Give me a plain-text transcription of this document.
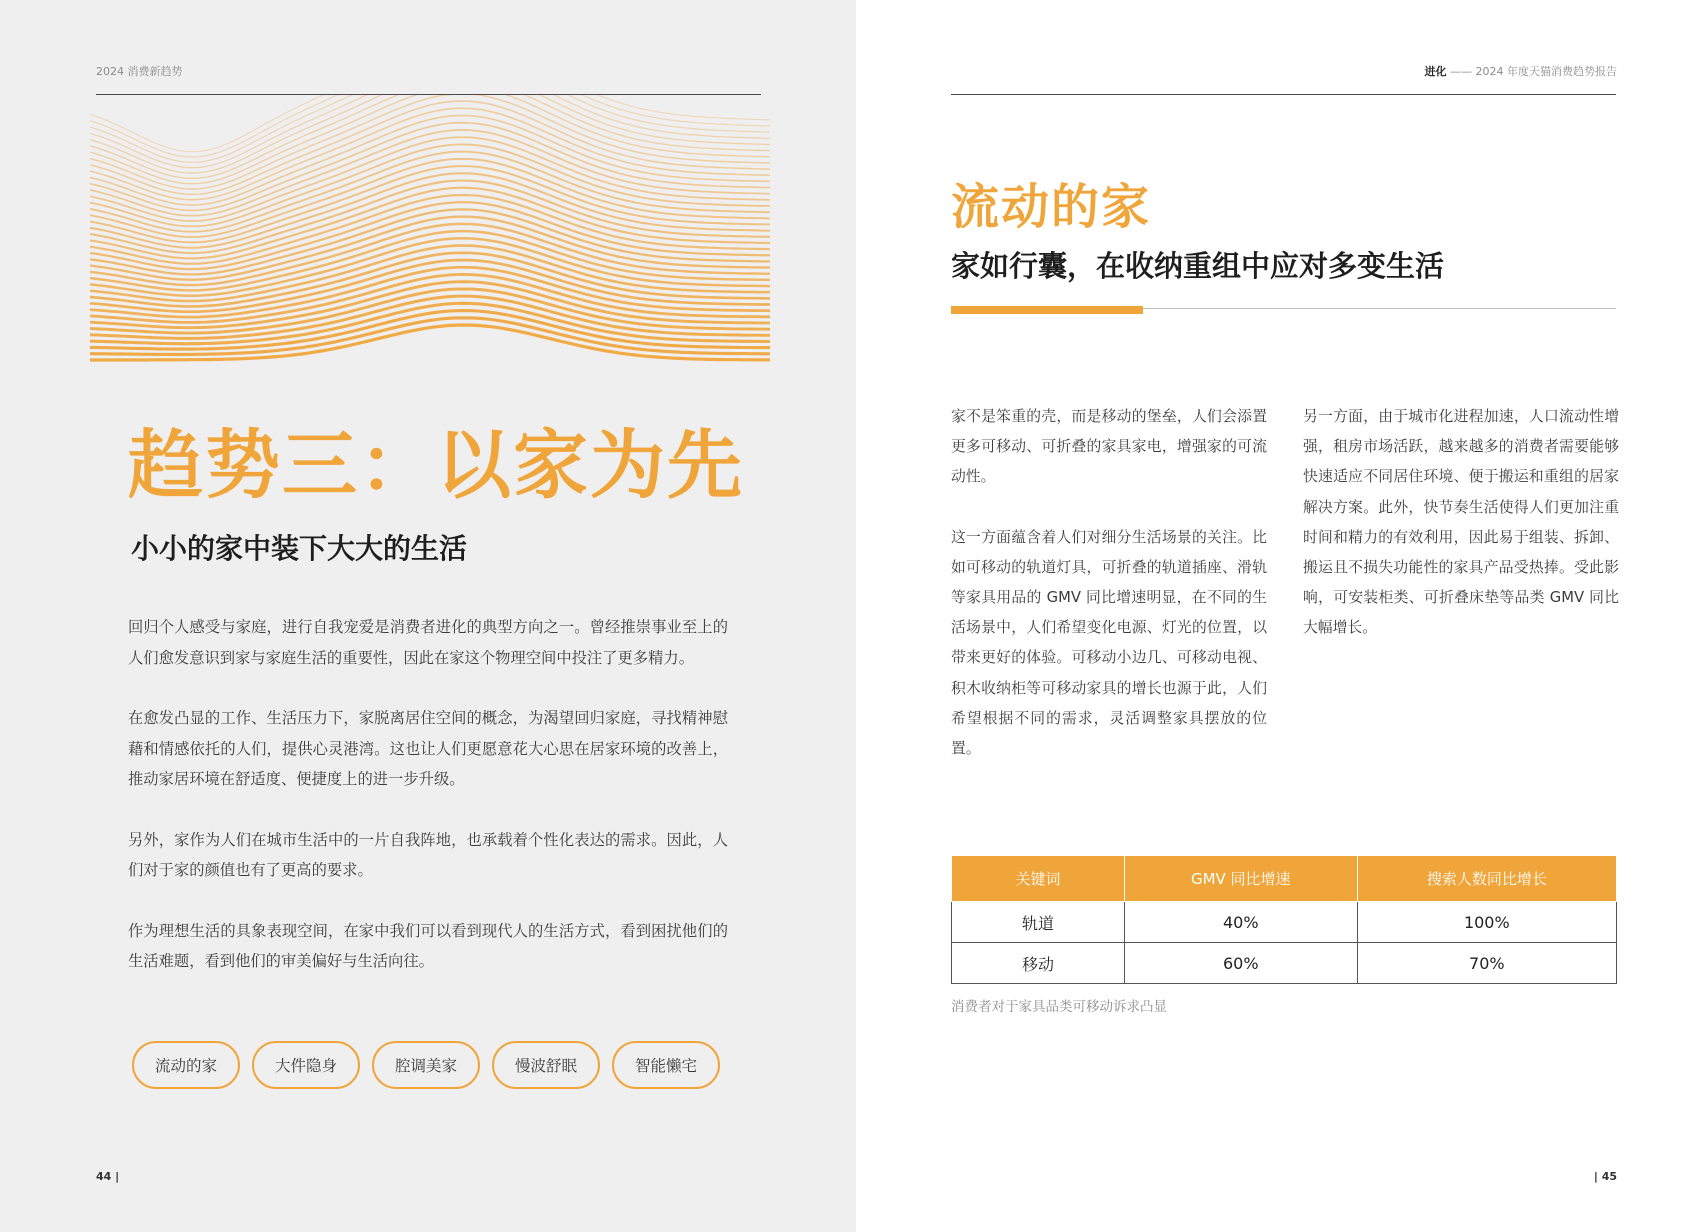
2024 消费新趋势
趋势三：以家为先
小小的家中装下大大的生活

回归个人感受与家庭，进行自我宠爱是消费者进化的典型方向之一。曾经推崇事业至上的人们愈发意识到家与家庭生活的重要性，因此在家这个物理空间中投注了更多精力。

在愈发凸显的工作、生活压力下，家脱离居住空间的概念，为渴望回归家庭，寻找精神慰藉和情感依托的人们，提供心灵港湾。这也让人们更愿意花大心思在居家环境的改善上，推动家居环境在舒适度、便捷度上的进一步升级。

另外，家作为人们在城市生活中的一片自我阵地，也承载着个性化表达的需求。因此，人们对于家的颜值也有了更高的要求。

作为理想生活的具象表现空间，在家中我们可以看到现代人的生活方式，看到困扰他们的生活难题，看到他们的审美偏好与生活向往。

流动的家	大件隐身	腔调美家	慢波舒眠	智能懒宅
44 |
进化 —— 2024 年度天猫消费趋势报告
流动的家
家如行囊，在收纳重组中应对多变生活

家不是笨重的壳，而是移动的堡垒，人们会添置更多可移动、可折叠的家具家电，增强家的可流动性。

这一方面蕴含着人们对细分生活场景的关注。比如可移动的轨道灯具，可折叠的轨道插座、滑轨等家具用品的 GMV 同比增速明显，在不同的生活场景中，人们希望变化电源、灯光的位置，以带来更好的体验。可移动小边几、可移动电视、积木收纳柜等可移动家具的增长也源于此，人们希望根据不同的需求，灵活调整家具摆放的位置。

另一方面，由于城市化进程加速，人口流动性增强，租房市场活跃，越来越多的消费者需要能够快速适应不同居住环境、便于搬运和重组的居家解决方案。此外，快节奏生活使得人们更加注重时间和精力的有效利用，因此易于组装、拆卸、搬运且不损失功能性的家具产品受热捧。受此影响，可安装柜类、可折叠床垫等品类 GMV 同比大幅增长。

关键词	GMV 同比增速	搜索人数同比增长
轨道	40%	100%
移动	60%	70%
消费者对于家具品类可移动诉求凸显
| 45
